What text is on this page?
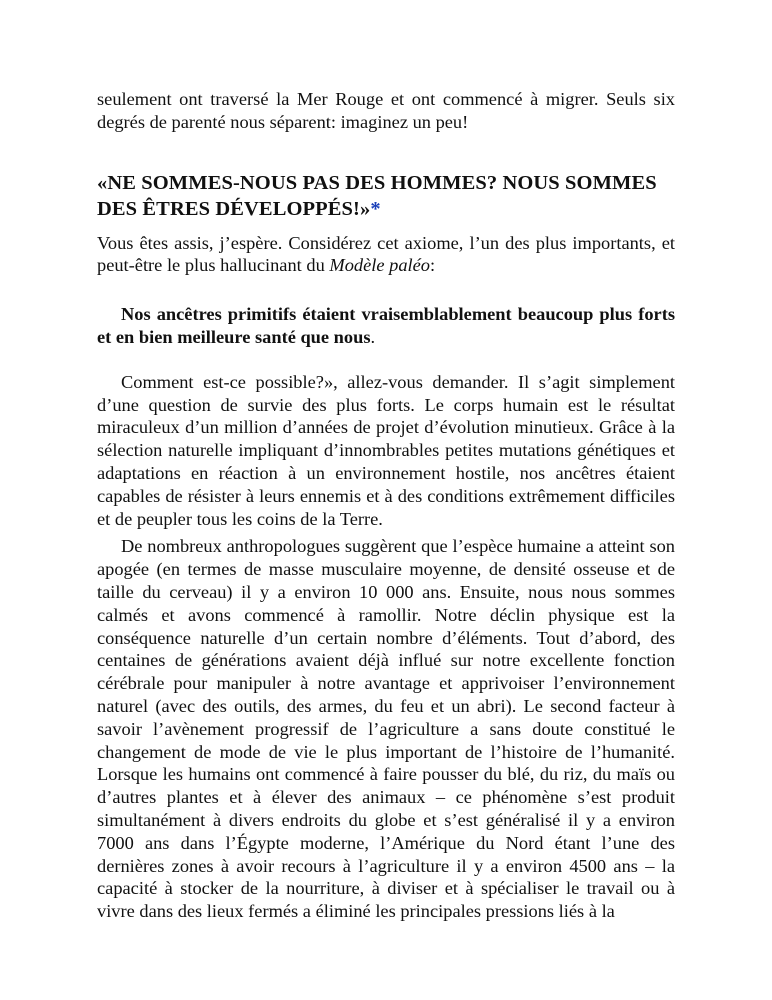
seulement ont traversé la Mer Rouge et ont commencé à migrer. Seuls six degrés de parenté nous séparent: imaginez un peu!

«NE SOMMES-NOUS PAS DES HOMMES? NOUS SOMMES DES ÊTRES DÉVELOPPÉS!»*

Vous êtes assis, j’espère. Considérez cet axiome, l’un des plus importants, et peut-être le plus hallucinant du Modèle paléo:

Nos ancêtres primitifs étaient vraisemblablement beaucoup plus forts et en bien meilleure santé que nous.

Comment est-ce possible?», allez-vous demander. Il s’agit simplement d’une question de survie des plus forts. Le corps humain est le résultat miraculeux d’un million d’années de projet d’évolution minutieux. Grâce à la sélection naturelle impliquant d’innombrables petites mutations génétiques et adaptations en réaction à un environnement hostile, nos ancêtres étaient capables de résister à leurs ennemis et à des conditions extrêmement difficiles et de peupler tous les coins de la Terre.

De nombreux anthropologues suggèrent que l’espèce humaine a atteint son apogée (en termes de masse musculaire moyenne, de densité osseuse et de taille du cerveau) il y a environ 10 000 ans. Ensuite, nous nous sommes calmés et avons commencé à ramollir. Notre déclin physique est la conséquence naturelle d’un certain nombre d’éléments. Tout d’abord, des centaines de générations avaient déjà influé sur notre excellente fonction cérébrale pour manipuler à notre avantage et apprivoiser l’environnement naturel (avec des outils, des armes, du feu et un abri). Le second facteur à savoir l’avènement progressif de l’agriculture a sans doute constitué le changement de mode de vie le plus important de l’histoire de l’humanité. Lorsque les humains ont commencé à faire pousser du blé, du riz, du maïs ou d’autres plantes et à élever des animaux – ce phénomène s’est produit simultanément à divers endroits du globe et s’est généralisé il y a environ 7000 ans dans l’Égypte moderne, l’Amérique du Nord étant l’une des dernières zones à avoir recours à l’agriculture il y a environ 4500 ans – la capacité à stocker de la nourriture, à diviser et à spécialiser le travail ou à vivre dans des lieux fermés a éliminé les principales pressions liés à la
